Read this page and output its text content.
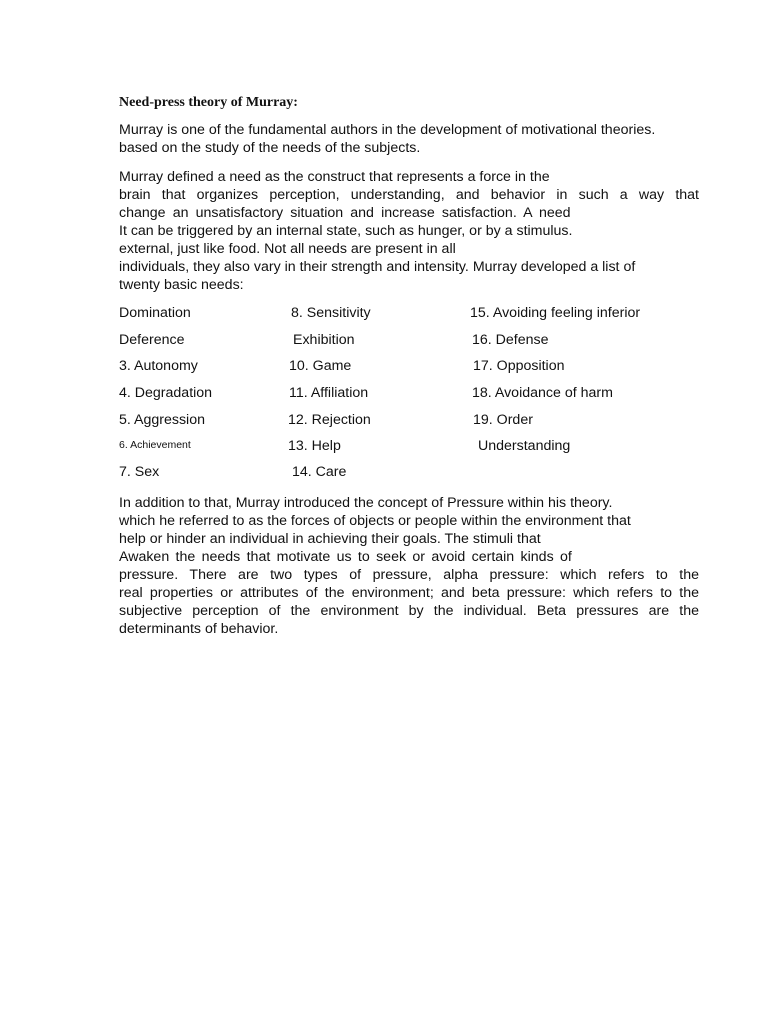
Need-press theory of Murray:
Murray is one of the fundamental authors in the development of motivational theories.
based on the study of the needs of the subjects.
Murray defined a need as the construct that represents a force in the
brain that organizes perception, understanding, and behavior in such a way that
change an unsatisfactory situation and increase satisfaction. A need
It can be triggered by an internal state, such as hunger, or by a stimulus.
external, just like food. Not all needs are present in all
individuals, they also vary in their strength and intensity. Murray developed a list of
twenty basic needs:
Domination
Deference
3. Autonomy
4. Degradation
5. Aggression
6. Achievement
7. Sex
8. Sensitivity
Exhibition
10. Game
11. Affiliation
12. Rejection
13. Help
14. Care
15. Avoiding feeling inferior
16. Defense
17. Opposition
18. Avoidance of harm
19. Order
Understanding
In addition to that, Murray introduced the concept of Pressure within his theory.
which he referred to as the forces of objects or people within the environment that
help or hinder an individual in achieving their goals. The stimuli that
Awaken the needs that motivate us to seek or avoid certain kinds of
pressure. There are two types of pressure, alpha pressure: which refers to the
real properties or attributes of the environment; and beta pressure: which refers to the
subjective perception of the environment by the individual. Beta pressures are the
determinants of behavior.
